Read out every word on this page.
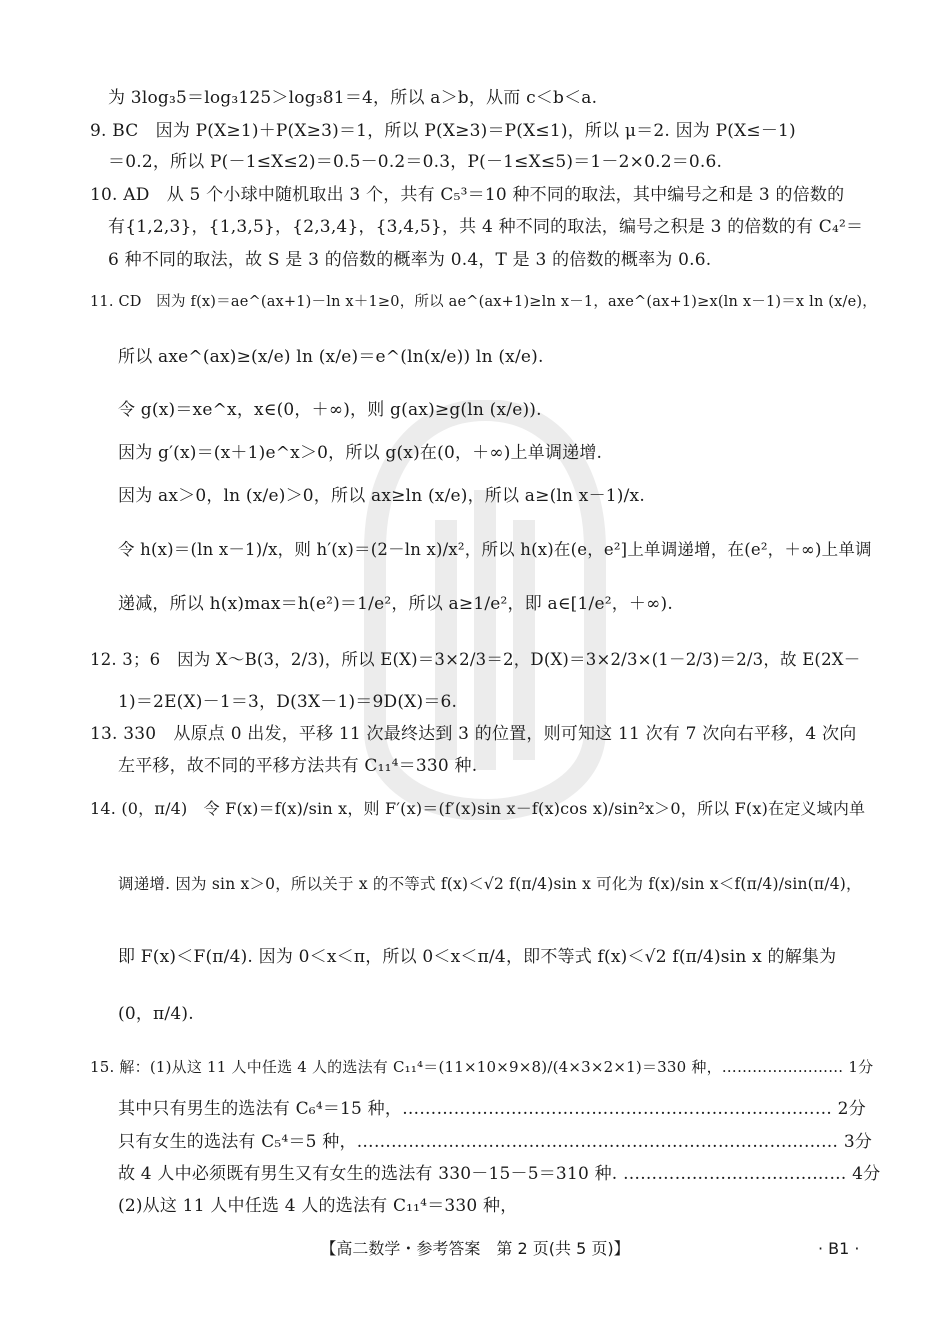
为 3log₃5＝log₃125＞log₃81＝4，所以 a＞b，从而 c＜b＜a.
9. BC　因为 P(X≥1)＋P(X≥3)＝1，所以 P(X≥3)＝P(X≤1)，所以 μ＝2. 因为 P(X≤－1)
＝0.2，所以 P(－1≤X≤2)＝0.5－0.2＝0.3，P(－1≤X≤5)＝1－2×0.2＝0.6.
10. AD　从 5 个小球中随机取出 3 个，共有 C₅³＝10 种不同的取法，其中编号之和是 3 的倍数的
有{1,2,3}，{1,3,5}，{2,3,4}，{3,4,5}，共 4 种不同的取法，编号之积是 3 的倍数的有 C₄²＝
6 种不同的取法，故 S 是 3 的倍数的概率为 0.4，T 是 3 的倍数的概率为 0.6.
11. CD　因为 f(x)＝ae^(ax+1)－ln x＋1≥0，所以 ae^(ax+1)≥ln x－1，axe^(ax+1)≥x(ln x－1)＝x ln (x/e)，
所以 axe^(ax)≥(x/e) ln (x/e)＝e^(ln(x/e)) ln (x/e).
令 g(x)＝xe^x，x∈(0，＋∞)，则 g(ax)≥g(ln (x/e)).
因为 g′(x)＝(x＋1)e^x＞0，所以 g(x)在(0，＋∞)上单调递增.
因为 ax＞0，ln (x/e)＞0，所以 ax≥ln (x/e)，所以 a≥(ln x－1)/x.
令 h(x)＝(ln x－1)/x，则 h′(x)＝(2－ln x)/x²，所以 h(x)在(e，e²]上单调递增，在(e²，＋∞)上单调
递减，所以 h(x)max＝h(e²)＝1/e²，所以 a≥1/e²，即 a∈[1/e²，＋∞).
12. 3；6　因为 X～B(3，2/3)，所以 E(X)＝3×2/3＝2，D(X)＝3×2/3×(1－2/3)＝2/3，故 E(2X－
1)＝2E(X)－1＝3，D(3X－1)＝9D(X)＝6.
13. 330　从原点 0 出发，平移 11 次最终达到 3 的位置，则可知这 11 次有 7 次向右平移，4 次向
左平移，故不同的平移方法共有 C₁₁⁴＝330 种.
14. (0，π/4)　令 F(x)＝f(x)/sin x，则 F′(x)＝(f′(x)sin x－f(x)cos x)/sin²x＞0，所以 F(x)在定义域内单
调递增. 因为 sin x＞0，所以关于 x 的不等式 f(x)＜√2 f(π/4)sin x 可化为 f(x)/sin x＜f(π/4)/sin(π/4)，
即 F(x)＜F(π/4). 因为 0＜x＜π，所以 0＜x＜π/4，即不等式 f(x)＜√2 f(π/4)sin x 的解集为
(0，π/4).
15. 解：(1)从这 11 人中任选 4 人的选法有 C₁₁⁴＝(11×10×9×8)/(4×3×2×1)＝330 种，…………………… 1分
其中只有男生的选法有 C₆⁴＝15 种，………………………………………………………………… 2分
只有女生的选法有 C₅⁴＝5 种，………………………………………………………………………… 3分
故 4 人中必须既有男生又有女生的选法有 330－15－5＝310 种. ………………………………… 4分
(2)从这 11 人中任选 4 人的选法有 C₁₁⁴＝330 种，
【高二数学・参考答案　第 2 页(共 5 页)】	· B1 ·
